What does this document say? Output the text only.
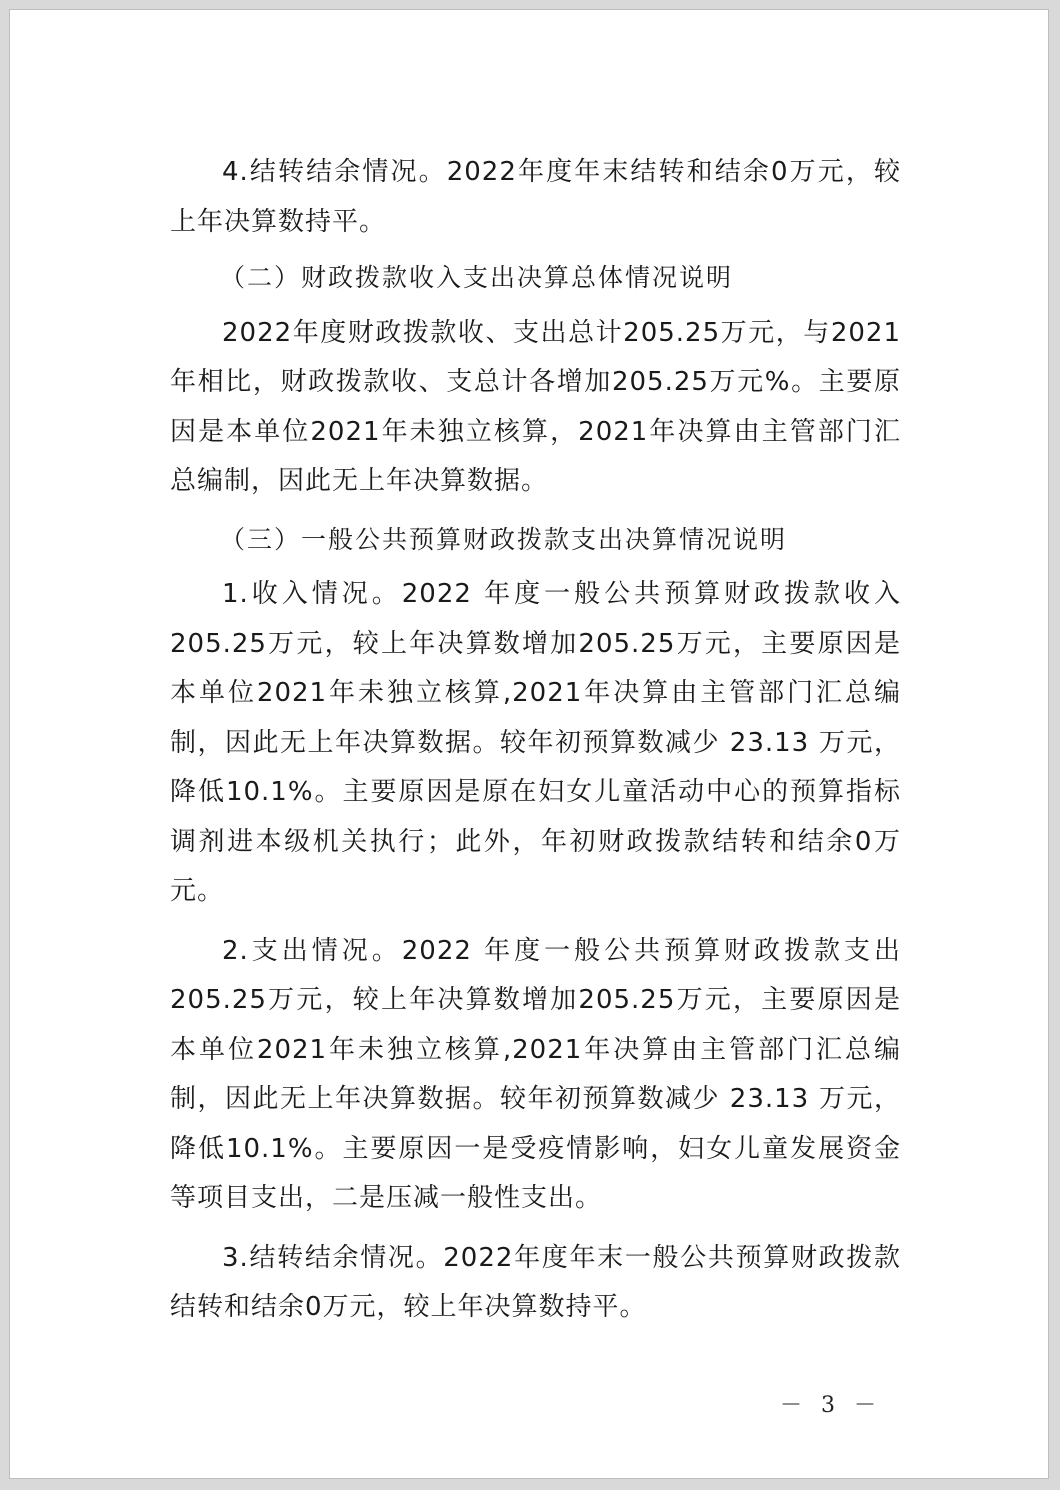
4.结转结余情况。2022年度年末结转和结余0万元，较上年决算数持平。

（二）财政拨款收入支出决算总体情况说明

2022年度财政拨款收、支出总计205.25万元，与2021年相比，财政拨款收、支总计各增加205.25万元%。主要原因是本单位2021年未独立核算，2021年决算由主管部门汇总编制，因此无上年决算数据。

（三）一般公共预算财政拨款支出决算情况说明

1.收入情况。2022 年度一般公共预算财政拨款收入205.25万元，较上年决算数增加205.25万元，主要原因是本单位2021年未独立核算,2021年决算由主管部门汇总编制，因此无上年决算数据。较年初预算数减少 23.13 万元，降低10.1%。主要原因是原在妇女儿童活动中心的预算指标调剂进本级机关执行；此外，年初财政拨款结转和结余0万元。

2.支出情况。2022 年度一般公共预算财政拨款支出205.25万元，较上年决算数增加205.25万元，主要原因是本单位2021年未独立核算,2021年决算由主管部门汇总编制，因此无上年决算数据。较年初预算数减少 23.13 万元，降低10.1%。主要原因一是受疫情影响，妇女儿童发展资金等项目支出，二是压减一般性支出。

3.结转结余情况。2022年度年末一般公共预算财政拨款结转和结余0万元，较上年决算数持平。

－ 3 －
